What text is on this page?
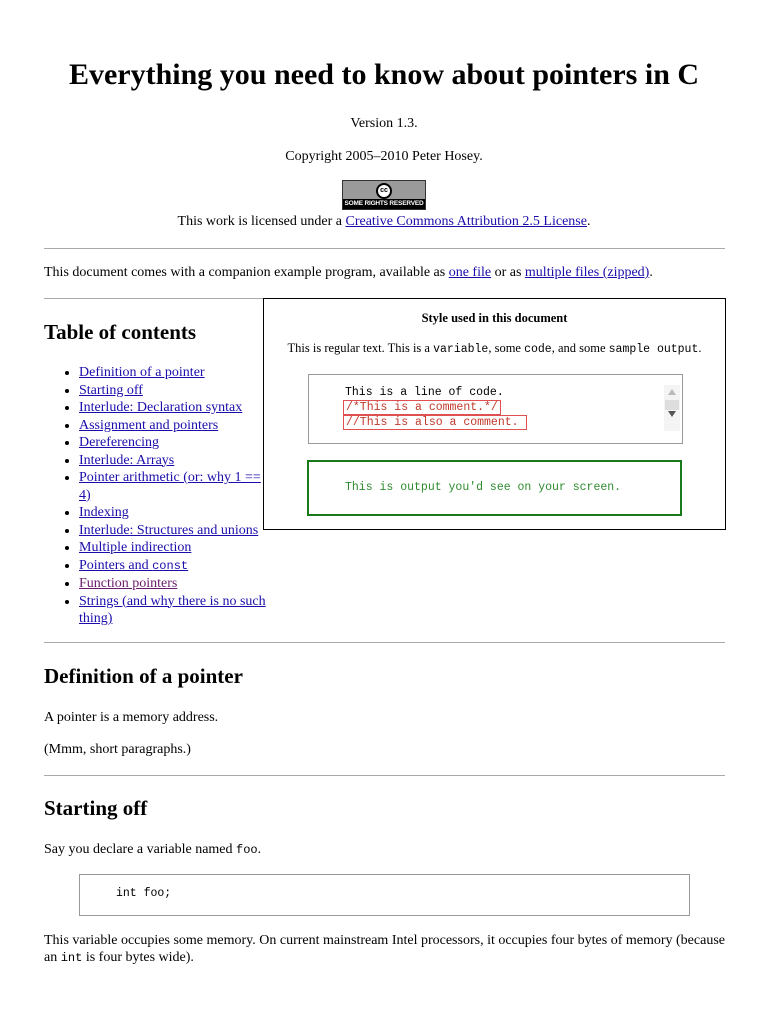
Everything you need to know about pointers in C
Version 1.3.
Copyright 2005–2010 Peter Hosey.
cc
SOME RIGHTS RESERVED
This work is licensed under a Creative Commons Attribution 2.5 License.
This document comes with a companion example program, available as one file or as multiple files (zipped).
Table of contents
• Definition of a pointer
• Starting off
• Interlude: Declaration syntax
• Assignment and pointers
• Dereferencing
• Interlude: Arrays
• Pointer arithmetic (or: why 1 == 4)
• Indexing
• Interlude: Structures and unions
• Multiple indirection
• Pointers and const
• Function pointers
• Strings (and why there is no such thing)
Style used in this document
This is regular text. This is a variable, some code, and some sample output.
This is a line of code.
/*This is a comment.*/
//This is also a comment.
This is output you'd see on your screen.
Definition of a pointer

A pointer is a memory address.

(Mmm, short paragraphs.)

Starting off

Say you declare a variable named foo.

int foo;

This variable occupies some memory. On current mainstream Intel processors, it occupies four bytes of memory (because an int is four bytes wide).
